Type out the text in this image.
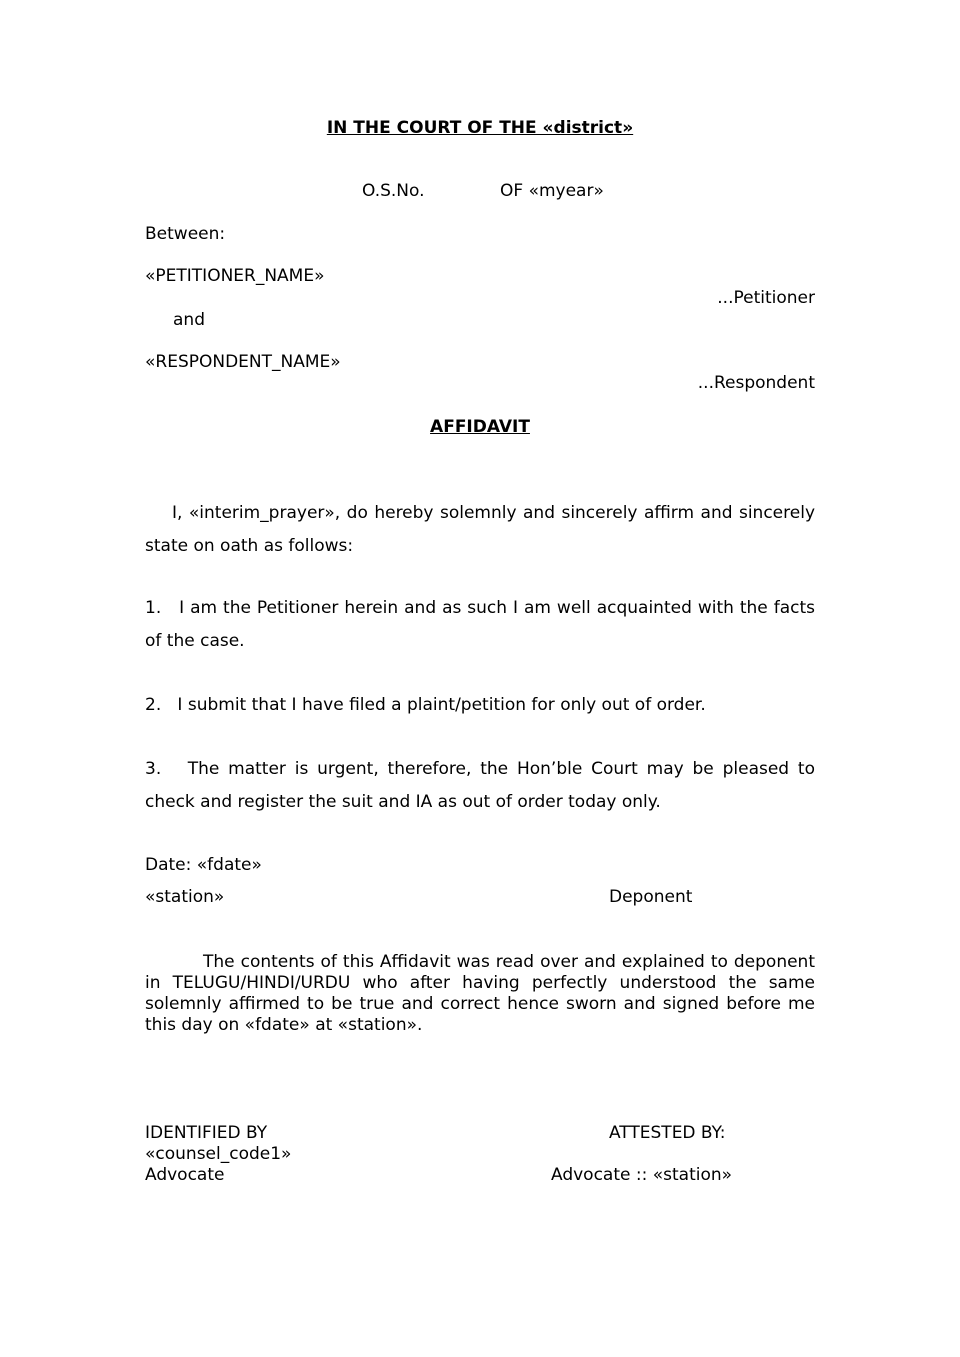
IN THE COURT OF THE «district»
O.S.No.	OF «myear»
Between:
«PETITIONER_NAME»
...Petitioner
and
«RESPONDENT_NAME»
...Respondent
AFFIDAVIT
I, «interim_prayer», do hereby solemnly and sincerely affirm and sincerely state on oath as follows:
1.   I am the Petitioner herein and as such I am well acquainted with the facts of the case.
2.   I submit that I have filed a plaint/petition for only out of order.
3.   The matter is urgent, therefore, the Hon’ble Court may be pleased to check and register the suit and IA as out of order today only.
Date: «fdate»
«station»	Deponent
The contents of this Affidavit was read over and explained to deponent in TELUGU/HINDI/URDU who after having perfectly understood the same solemnly affirmed to be true and correct hence sworn and signed before me this day on «fdate» at «station».
IDENTIFIED BY	ATTESTED BY:
«counsel_code1»
Advocate	Advocate :: «station»
